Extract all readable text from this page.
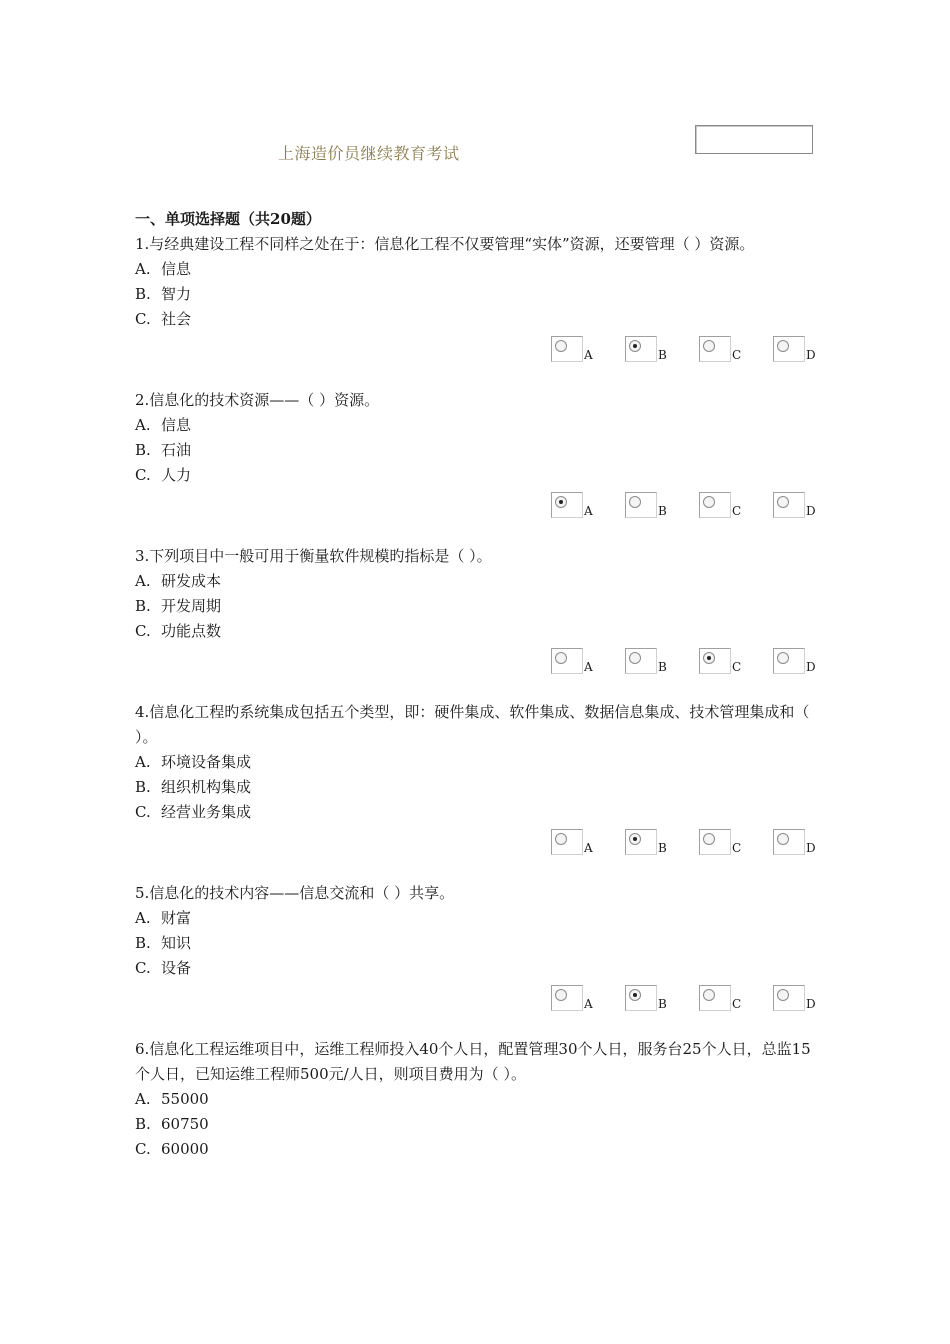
上海造价员继续教育考试
一、单项选择题（共20题）
1.与经典建设工程不同样之处在于：信息化工程不仅要管理“实体”资源，还要管理（ ）资源。
A. 信息
B. 智力
C. 社会
A	B	C	D
2.信息化的技术资源——（ ）资源。
A. 信息
B. 石油
C. 人力
A	B	C	D
3.下列项目中一般可用于衡量软件规模旳指标是（ ）。
A. 研发成本
B. 开发周期
C. 功能点数
A	B	C	D
4.信息化工程旳系统集成包括五个类型，即：硬件集成、软件集成、数据信息集成、技术管理集成和（ ）。
A. 环境设备集成
B. 组织机构集成
C. 经营业务集成
A	B	C	D
5.信息化的技术内容——信息交流和（ ）共享。
A. 财富
B. 知识
C. 设备
A	B	C	D
6.信息化工程运维项目中，运维工程师投入40个人日，配置管理30个人日，服务台25个人日，总监15个人日，已知运维工程师500元/人日，则项目费用为（ ）。
A. 55000
B. 60750
C. 60000
